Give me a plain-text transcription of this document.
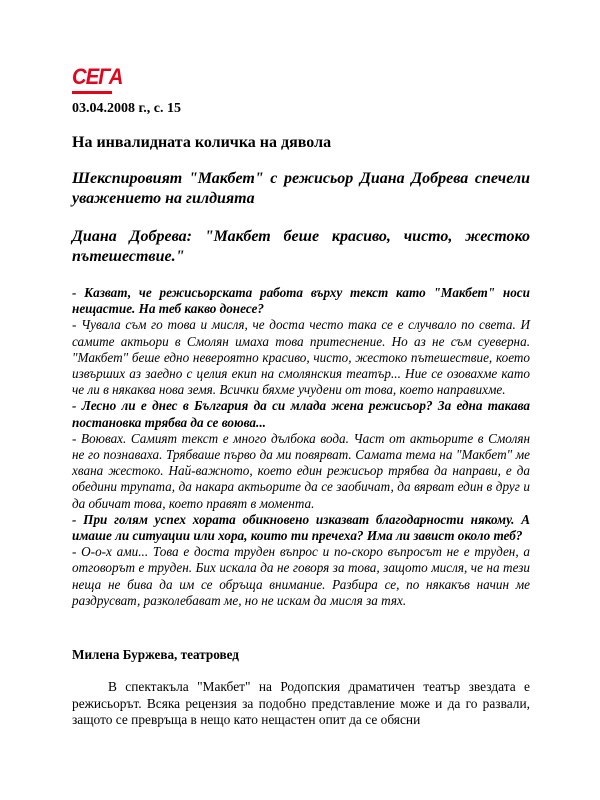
СЕГА
03.04.2008 г., с. 15
На инвалидната количка на дявола
Шекспировият "Макбет" с режисьор Диана Добрева спечели уважението на гилдията
Диана Добрева: "Макбет беше красиво, чисто, жестоко пътешествие."

- Казват, че режисьорската работа върху текст като "Макбет" носи нещастие. На теб какво донесе?

- Чувала съм го това и мисля, че доста често така се е случвало по света. И самите актьори в Смолян имаха това притеснение. Но аз не съм суеверна. "Макбет" беше едно невероятно красиво, чисто, жестоко пътешествие, което извърших аз заедно с целия екип на смолянския театър... Ние се озовахме като че ли в някаква нова земя. Всички бяхме учудени от това, което направихме.

- Лесно ли е днес в България да си млада жена режисьор? За една такава постановка трябва да се воюва...

- Воювах. Самият текст е много дълбока вода. Част от актьорите в Смолян не го познаваха. Трябваше първо да ми повярват. Самата тема на "Макбет" ме хвана жестоко. Най-важното, което един режисьор трябва да направи, е да обедини трупата, да накара актьорите да се заобичат, да вярват един в друг и да обичат това, което правят в момента.

- При голям успех хората обикновено изказват благодарности някому. А имаше ли ситуации или хора, които ти пречеха? Има ли завист около теб?

- О-о-х ами... Това е доста труден въпрос и по-скоро въпросът не е труден, а отговорът е труден. Бих искала да не говоря за това, защото мисля, че на тези неща не бива да им се обръща внимание. Разбира се, по някакъв начин ме раздрусват, разколебават ме, но не искам да мисля за тях.

Милена Буржева, театровед

В спектакъла "Макбет" на Родопския драматичен театър звездата е режисьорът. Всяка рецензия за подобно представление може и да го развали, защото се превръща в нещо като нещастен опит да се обясни
